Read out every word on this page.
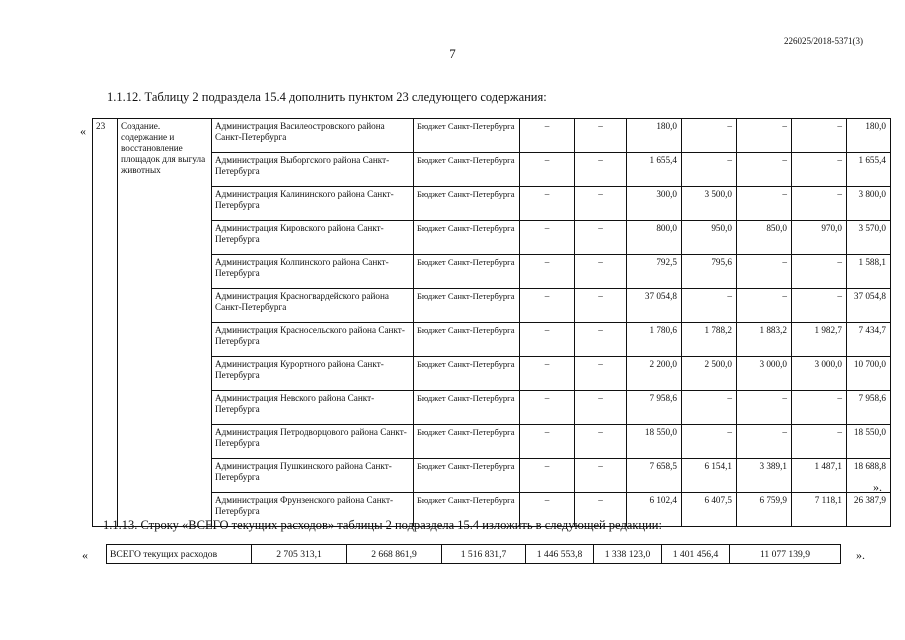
226025/2018-5371(3)
7
1.1.12. Таблицу 2 подраздела 15.4 дополнить пунктом 23 следующего содержания:
« 23	Создание. содержание и восстановление площадок для выгула животных	Администрация Василеостровского района Санкт-Петербурга	Бюджет Санкт-Петербурга	–	–	180,0	–	–	–	180,0
		Администрация Выборгского района Санкт-Петербурга	Бюджет Санкт-Петербурга	–	–	1 655,4	–	–	–	1 655,4
		Администрация Калининского района Санкт-Петербурга	Бюджет Санкт-Петербурга	–	–	300,0	3 500,0	–	–	3 800,0
		Администрация Кировского района Санкт-Петербурга	Бюджет Санкт-Петербурга	–	–	800,0	950,0	850,0	970,0	3 570,0
		Администрация Колпинского района Санкт-Петербурга	Бюджет Санкт-Петербурга	–	–	792,5	795,6	–	–	1 588,1
		Администрация Красногвардейского района Санкт-Петербурга	Бюджет Санкт-Петербурга	–	–	37 054,8	–	–	–	37 054,8
		Администрация Красносельского района Санкт-Петербурга	Бюджет Санкт-Петербурга	–	–	1 780,6	1 788,2	1 883,2	1 982,7	7 434,7
		Администрация Курортного района Санкт-Петербурга	Бюджет Санкт-Петербурга	–	–	2 200,0	2 500,0	3 000,0	3 000,0	10 700,0
		Администрация Невского района Санкт-Петербурга	Бюджет Санкт-Петербурга	–	–	7 958,6	–	–	–	7 958,6
		Администрация Петродворцового района Санкт-Петербурга	Бюджет Санкт-Петербурга	–	–	18 550,0	–	–	–	18 550,0
		Администрация Пушкинского района Санкт-Петербурга	Бюджет Санкт-Петербурга	–	–	7 658,5	6 154,1	3 389,1	1 487,1	18 688,8
		Администрация Фрунзенского района Санкт-Петербурга	Бюджет Санкт-Петербурга	–	–	6 102,4	6 407,5	6 759,9	7 118,1	26 387,9
».
1.1.13. Строку «ВСЕГО текущих расходов» таблицы 2 подраздела 15.4 изложить в следующей редакции:
« ВСЕГО текущих расходов	2 705 313,1	2 668 861,9	1 516 831,7	1 446 553,8	1 338 123,0	1 401 456,4	11 077 139,9	».
